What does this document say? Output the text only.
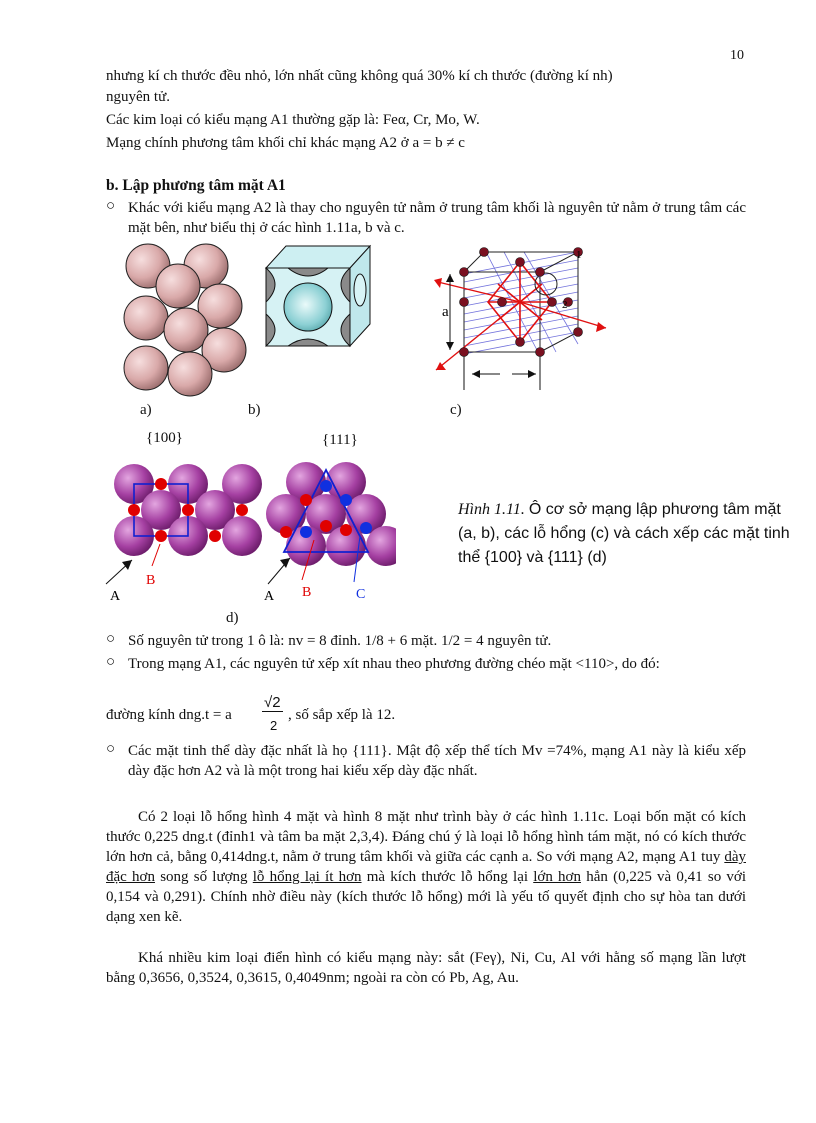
10
nhưng kí ch thước đều nhỏ, lớn nhất cũng không quá 30% kí ch thước (đường kí nh)
nguyên tử.
Các kim loại có kiểu mạng A1 thường gặp là: Feα, Cr, Mo, W.
Mạng chính phương tâm khối chỉ khác mạng A2 ở a = b ≠ c
b. Lập phương tâm mặt A1
○ Khác với kiểu mạng A2 là thay cho nguyên tử nằm ở trung tâm khối là nguyên tử nằm ở trung tâm các mặt bên, như biểu thị ở các hình 1.11a, b và c.
a
1
2
a)	b)	c)
{100}	{111}
A
B
A B	C
d)
Hình 1.11. Ô cơ sở mạng lập phương tâm mặt (a, b), các lỗ hổng (c) và cách xếp các mặt tinh thể {100} và {111} (d)
○ Số nguyên tử trong 1 ô là: nv = 8 đỉnh. 1/8 + 6 mặt. 1/2 = 4 nguyên tử.
○ Trong mạng A1, các nguyên tử xếp xít nhau theo phương đường chéo mặt <110>, do đó:
đường kính dng.t = a
√2
2
, số sắp xếp là 12.
○ Các mặt tinh thể dày đặc nhất là họ {111}. Mật độ xếp thể tích Mv =74%, mạng A1 này là kiểu xếp dày đặc hơn A2 và là một trong hai kiểu xếp dày đặc nhất.
Có 2 loại lỗ hổng hình 4 mặt và hình 8 mặt như trình bày ở các hình 1.11c. Loại bốn mặt có kích thước 0,225 dng.t (đỉnh1 và tâm ba mặt 2,3,4). Đáng chú ý là loại lỗ hổng hình tám mặt, nó có kích thước lớn hơn cả, bằng 0,414dng.t, nằm ở trung tâm khối và giữa các cạnh a. So với mạng A2, mạng A1 tuy dày đặc hơn song số lượng lỗ hổng lại ít hơn mà kích thước lỗ hổng lại lớn hơn hẳn (0,225 và 0,41 so với 0,154 và 0,291). Chính nhờ điều này (kích thước lỗ hổng) mới là yếu tố quyết định cho sự hòa tan dưới dạng xen kẽ.
Khá nhiều kim loại điển hình có kiểu mạng này: sắt (Feγ), Ni, Cu, Al với hằng số mạng lần lượt bằng 0,3656, 0,3524, 0,3615, 0,4049nm; ngoài ra còn có Pb, Ag, Au.
